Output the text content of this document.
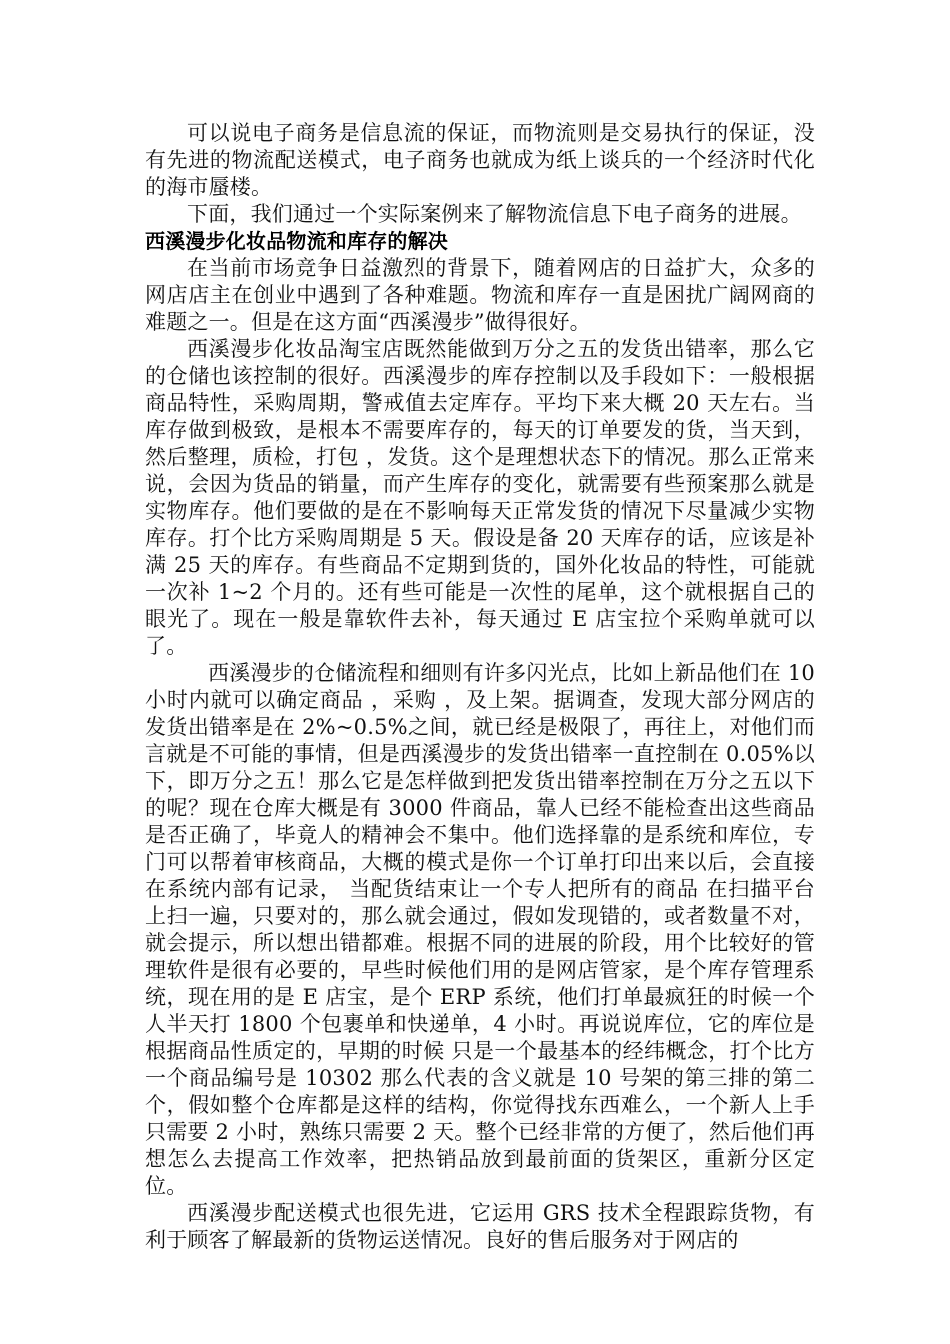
可以说电子商务是信息流的保证，而物流则是交易执行的保证，没有先进的物流配送模式，电子商务也就成为纸上谈兵的一个经济时代化的海市蜃楼。

下面，我们通过一个实际案例来了解物流信息下电子商务的进展。

西溪漫步化妆品物流和库存的解决

在当前市场竞争日益激烈的背景下，随着网店的日益扩大，众多的网店店主在创业中遇到了各种难题。物流和库存一直是困扰广阔网商的难题之一。但是在这方面“西溪漫步”做得很好。

西溪漫步化妆品淘宝店既然能做到万分之五的发货出错率，那么它的仓储也该控制的很好。西溪漫步的库存控制以及手段如下：一般根据商品特性，采购周期，警戒值去定库存。平均下来大概 20 天左右。当库存做到极致，是根本不需要库存的，每天的订单要发的货，当天到，然后整理，质检，打包 ，发货。这个是理想状态下的情况。那么正常来说，会因为货品的销量，而产生库存的变化，就需要有些预案那么就是实物库存。他们要做的是在不影响每天正常发货的情况下尽量减少实物库存。打个比方采购周期是 5 天。假设是备 20 天库存的话，应该是补满 25 天的库存。有些商品不定期到货的，国外化妆品的特性，可能就一次补 1~2 个月的。还有些可能是一次性的尾单，这个就根据自己的眼光了。现在一般是靠软件去补，每天通过 E 店宝拉个采购单就可以了。

西溪漫步的仓储流程和细则有许多闪光点，比如上新品他们在 10 小时内就可以确定商品 ，采购 ，及上架。据调查，发现大部分网店的发货出错率是在 2%~0.5%之间，就已经是极限了，再往上，对他们而言就是不可能的事情，但是西溪漫步的发货出错率一直控制在 0.05%以下，即万分之五！那么它是怎样做到把发货出错率控制在万分之五以下的呢？现在仓库大概是有 3000 件商品，靠人已经不能检查出这些商品是否正确了，毕竟人的精神会不集中。他们选择靠的是系统和库位，专门可以帮着审核商品，大概的模式是你一个订单打印出来以后，会直接在系统内部有记录， 当配货结束让一个专人把所有的商品 在扫描平台上扫一遍，只要对的，那么就会通过，假如发现错的，或者数量不对，就会提示，所以想出错都难。根据不同的进展的阶段，用个比较好的管理软件是很有必要的，早些时候他们用的是网店管家，是个库存管理系统，现在用的是 E 店宝，是个 ERP 系统，他们打单最疯狂的时候一个人半天打 1800 个包裹单和快递单，4 小时。再说说库位，它的库位是根据商品性质定的，早期的时候 只是一个最基本的经纬概念，打个比方一个商品编号是 10302 那么代表的含义就是 10 号架的第三排的第二个，假如整个仓库都是这样的结构，你觉得找东西难么，一个新人上手只需要 2 小时，熟练只需要 2 天。整个已经非常的方便了，然后他们再想怎么去提高工作效率，把热销品放到最前面的货架区，重新分区定位。

西溪漫步配送模式也很先进，它运用 GRS 技术全程跟踪货物，有利于顾客了解最新的货物运送情况。良好的售后服务对于网店的
